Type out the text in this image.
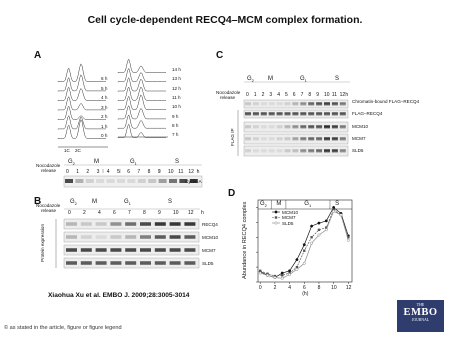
Cell cycle-dependent RECQ4–MCM complex formation.
A
B
C
D
Nocodazole
release
Cyclin A
6 h
5 h
4 h
3 h
2 h
1 h
0 h
14 h
13 h
12 h
11 h
10 h
9 h
8 h
7 h
1C 2C
$G_2$	M	$G_1$	S
0 1 2 3 4 5 6 7 8 9 10 11 12 h
Nocodazole
release
Protein expression
$G_2$	M	$G_1$	S
0 2 4 6 7 8 9 10 12 h
RECQ4
MCM10
MCM7
SLD5
Nocodazole
release
FLAG IP
$G_2$ M	$G_1$	S
0 1 2 3 4 5 6 7 8 9 10 11 12 h
Chromatin-bound FLAG–RECQ4
FLAG–RECQ4
MCM10
MCM7
SLD5
MCM10
MCM7
SLD5
0 2 4 6 8 10 12
(h)
Abundance in RECQ4 complex $G_2$ M	$G_1$	S
Xiaohua Xu et al. EMBO J. 2009;28:3005-3014
© as stated in the article, figure or figure legend
THE
EMBO
JOURNAL
